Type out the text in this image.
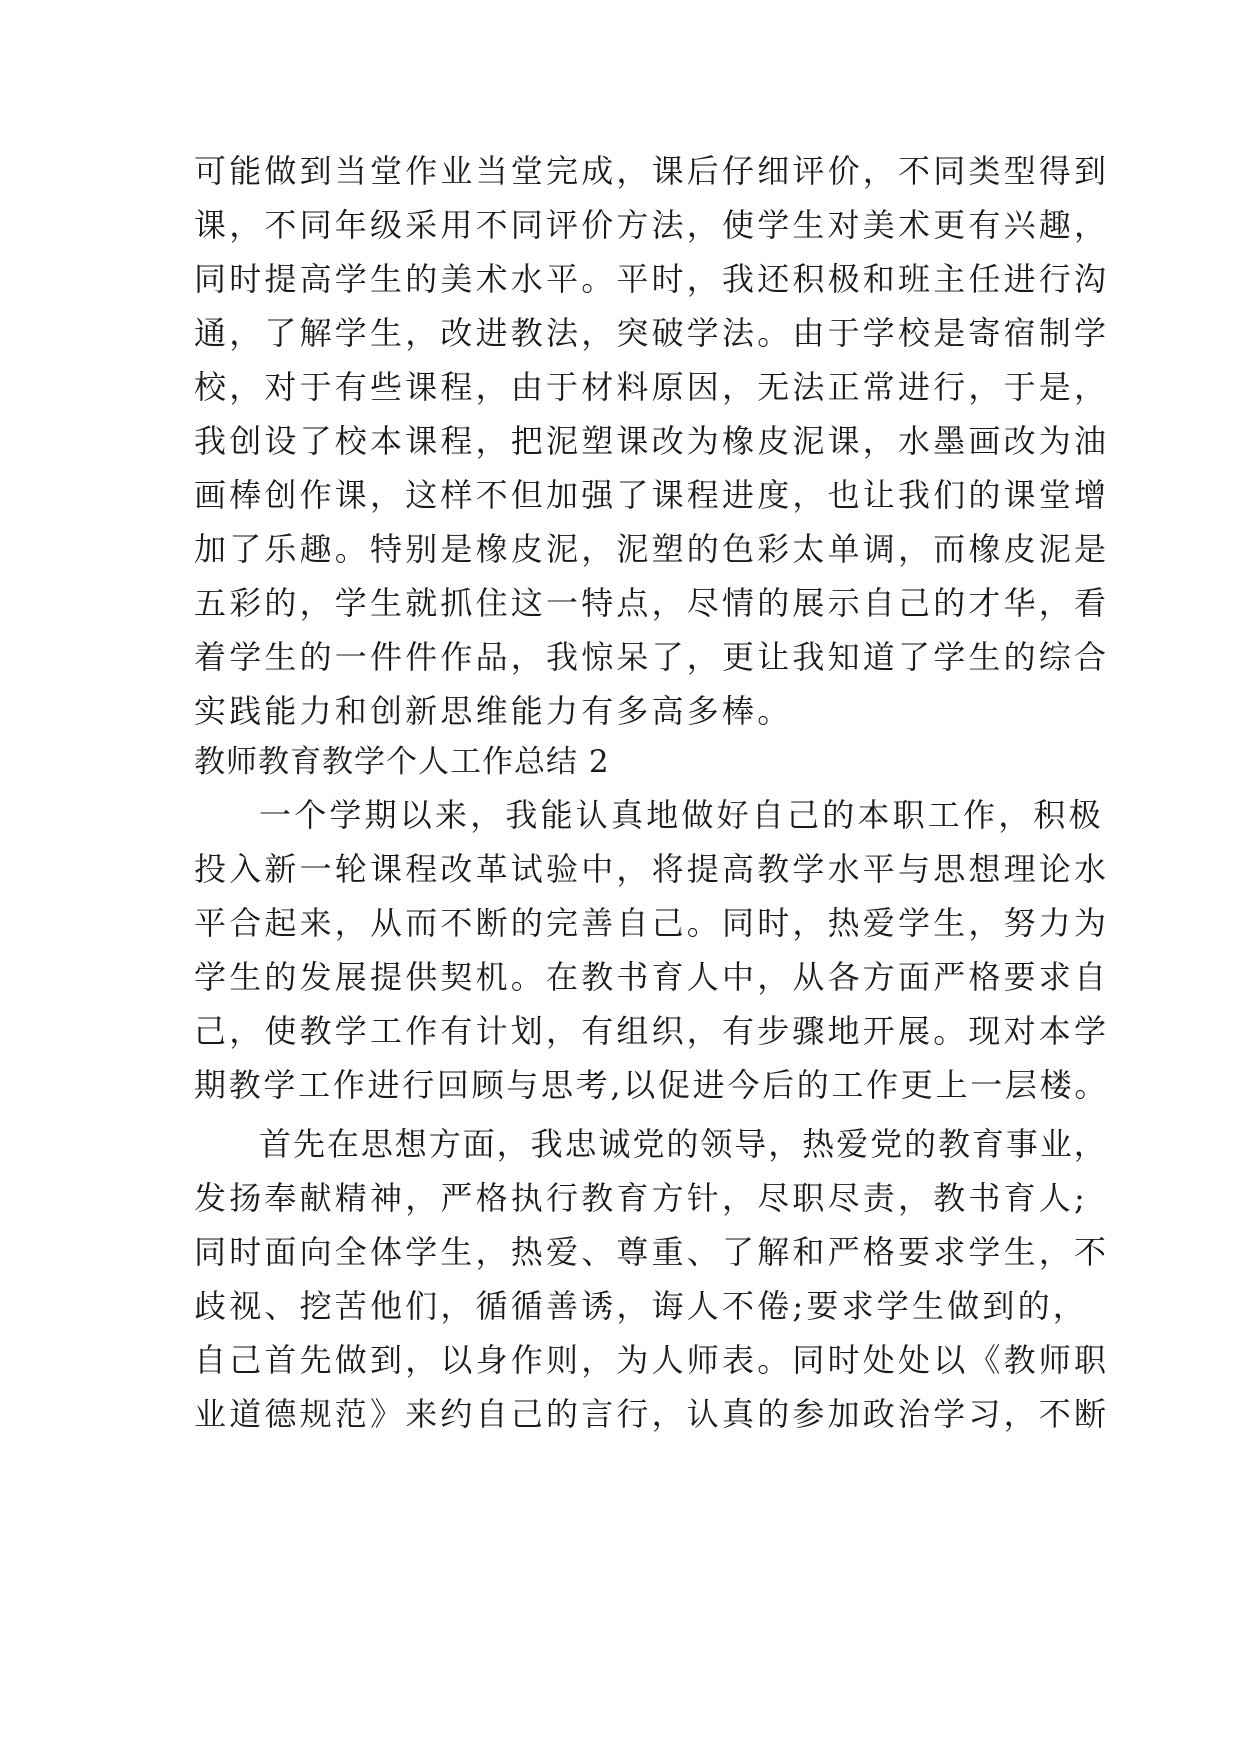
可能做到当堂作业当堂完成，课后仔细评价，不同类型得到
课，不同年级采用不同评价方法，使学生对美术更有兴趣，
同时提高学生的美术水平。平时，我还积极和班主任进行沟
通，了解学生，改进教法，突破学法。由于学校是寄宿制学
校，对于有些课程，由于材料原因，无法正常进行，于是，
我创设了校本课程，把泥塑课改为橡皮泥课，水墨画改为油
画棒创作课，这样不但加强了课程进度，也让我们的课堂增
加了乐趣。特别是橡皮泥，泥塑的色彩太单调，而橡皮泥是
五彩的，学生就抓住这一特点，尽情的展示自己的才华，看
着学生的一件件作品，我惊呆了，更让我知道了学生的综合
实践能力和创新思维能力有多高多棒。
教师教育教学个人工作总结 2
一个学期以来，我能认真地做好自己的本职工作，积极
投入新一轮课程改革试验中，将提高教学水平与思想理论水
平合起来，从而不断的完善自己。同时，热爱学生，努力为
学生的发展提供契机。在教书育人中，从各方面严格要求自
己，使教学工作有计划，有组织，有步骤地开展。现对本学
期教学工作进行回顾与思考,以促进今后的工作更上一层楼。
首先在思想方面，我忠诚党的领导，热爱党的教育事业，
发扬奉献精神，严格执行教育方针，尽职尽责，教书育人;
同时面向全体学生，热爱、尊重、了解和严格要求学生，不
歧视、挖苦他们，循循善诱，诲人不倦;要求学生做到的，
自己首先做到，以身作则，为人师表。同时处处以《教师职
业道德规范》来约自己的言行，认真的参加政治学习，不断
